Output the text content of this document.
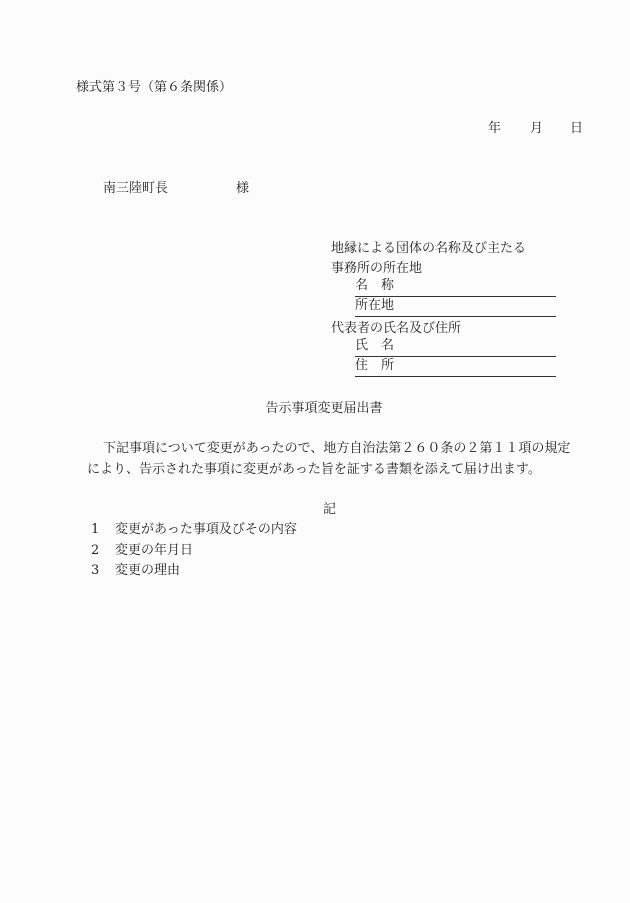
様式第３号（第６条関係）
年 月 日
南三陸町長	様
地縁による団体の名称及び主たる
事務所の所在地
名　称
所在地
代表者の氏名及び住所
氏　名
住　所
告示事項変更届出書
下記事項について変更があったので、地方自治法第２６０条の２第１１項の規定
により、告示された事項に変更があった旨を証する書類を添えて届け出ます。
記
1 変更があった事項及びその内容
2 変更の年月日
3 変更の理由
